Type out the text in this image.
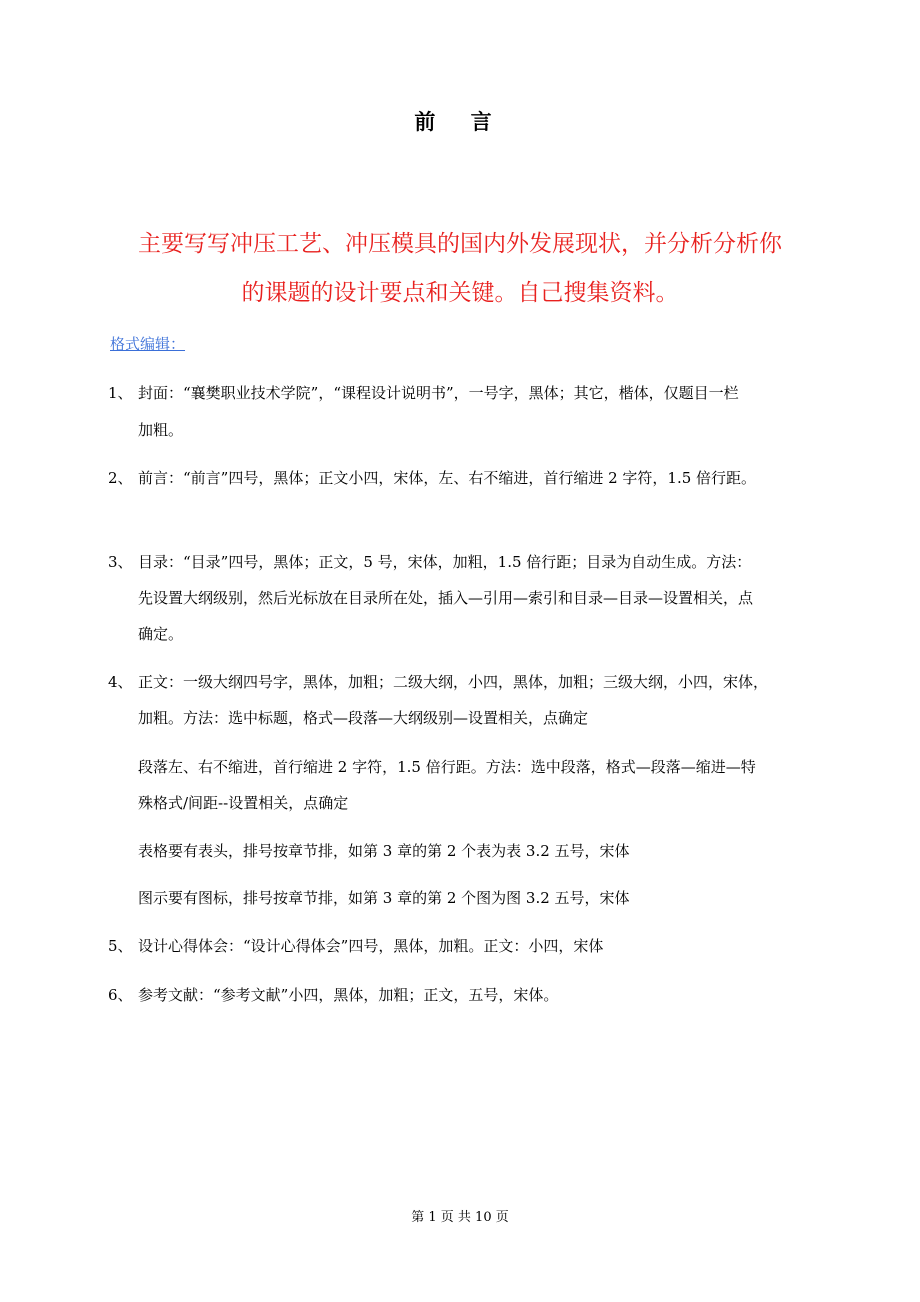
前 言
主要写写冲压工艺、冲压模具的国内外发展现状，并分析分析你
的课题的设计要点和关键。自己搜集资料。
格式编辑：
1、 封面：“襄樊职业技术学院”，“课程设计说明书”，一号字，黑体；其它，楷体，仅题目一栏
加粗。
2、 前言：“前言”四号，黑体；正文小四，宋体，左、右不缩进，首行缩进 2 字符，1.5 倍行距。
3、 目录：“目录”四号，黑体；正文，5 号，宋体，加粗，1.5 倍行距；目录为自动生成。方法：
先设置大纲级别，然后光标放在目录所在处，插入—引用—索引和目录—目录—设置相关，点
确定。
4、 正文：一级大纲四号字，黑体，加粗；二级大纲，小四，黑体，加粗；三级大纲，小四，宋体，
加粗。方法：选中标题，格式—段落—大纲级别—设置相关，点确定
段落左、右不缩进，首行缩进 2 字符，1.5 倍行距。方法：选中段落，格式—段落—缩进—特
殊格式/间距--设置相关，点确定
表格要有表头，排号按章节排，如第 3 章的第 2 个表为表 3.2 五号，宋体
图示要有图标，排号按章节排，如第 3 章的第 2 个图为图 3.2 五号，宋体
5、 设计心得体会：“设计心得体会”四号，黑体，加粗。正文：小四，宋体
6、 参考文献：“参考文献”小四，黑体，加粗；正文，五号，宋体。
第 1 页 共 10 页
